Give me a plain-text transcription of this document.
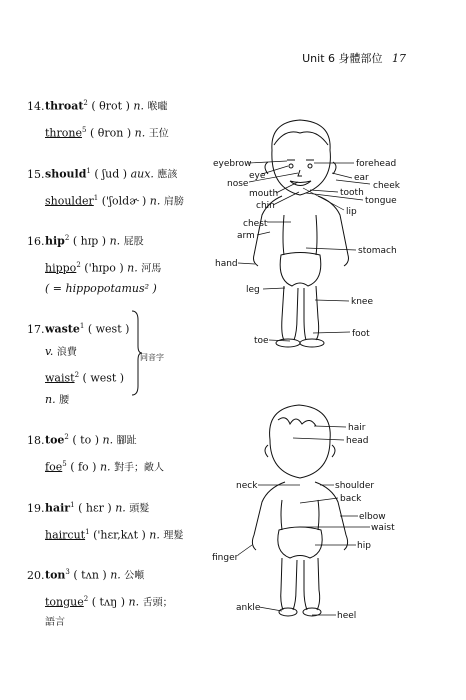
Unit 6 身體部位 17
14.throat$^2$ ( θrot ) n. 喉嚨
throne$^5$ ( θron ) n. 王位
15.should$^1$ ( ʃud ) aux. 應該
shoulder$^1$ ('ʃoldɚ ) n. 肩膀
16.hip$^2$ ( hɪp ) n. 屁股
hippo$^2$ ('hɪpo ) n. 河馬
( = hippopotamus² )
17.waste$^1$ ( west )
v. 浪費
waist$^2$ ( west )
n. 腰
同音字
18.toe$^2$ ( to ) n. 腳趾
foe$^5$ ( fo ) n. 對手；敵人
19.hair$^1$ ( hɛr ) n. 頭髮
haircut$^1$ ('hɛr,kʌt ) n. 理髮
20.ton$^3$ ( tʌn ) n. 公噸
tongue$^2$ ( tʌŋ ) n. 舌頭；
語言
eyebrow
eye
nose
mouth
chin
chest
arm
hand
leg
toe
forehead
ear
cheek
tooth
tongue
lip
stomach
knee
foot
hair
head
neck	shoulder
back
elbow
waist
hip
finger
ankle
heel
